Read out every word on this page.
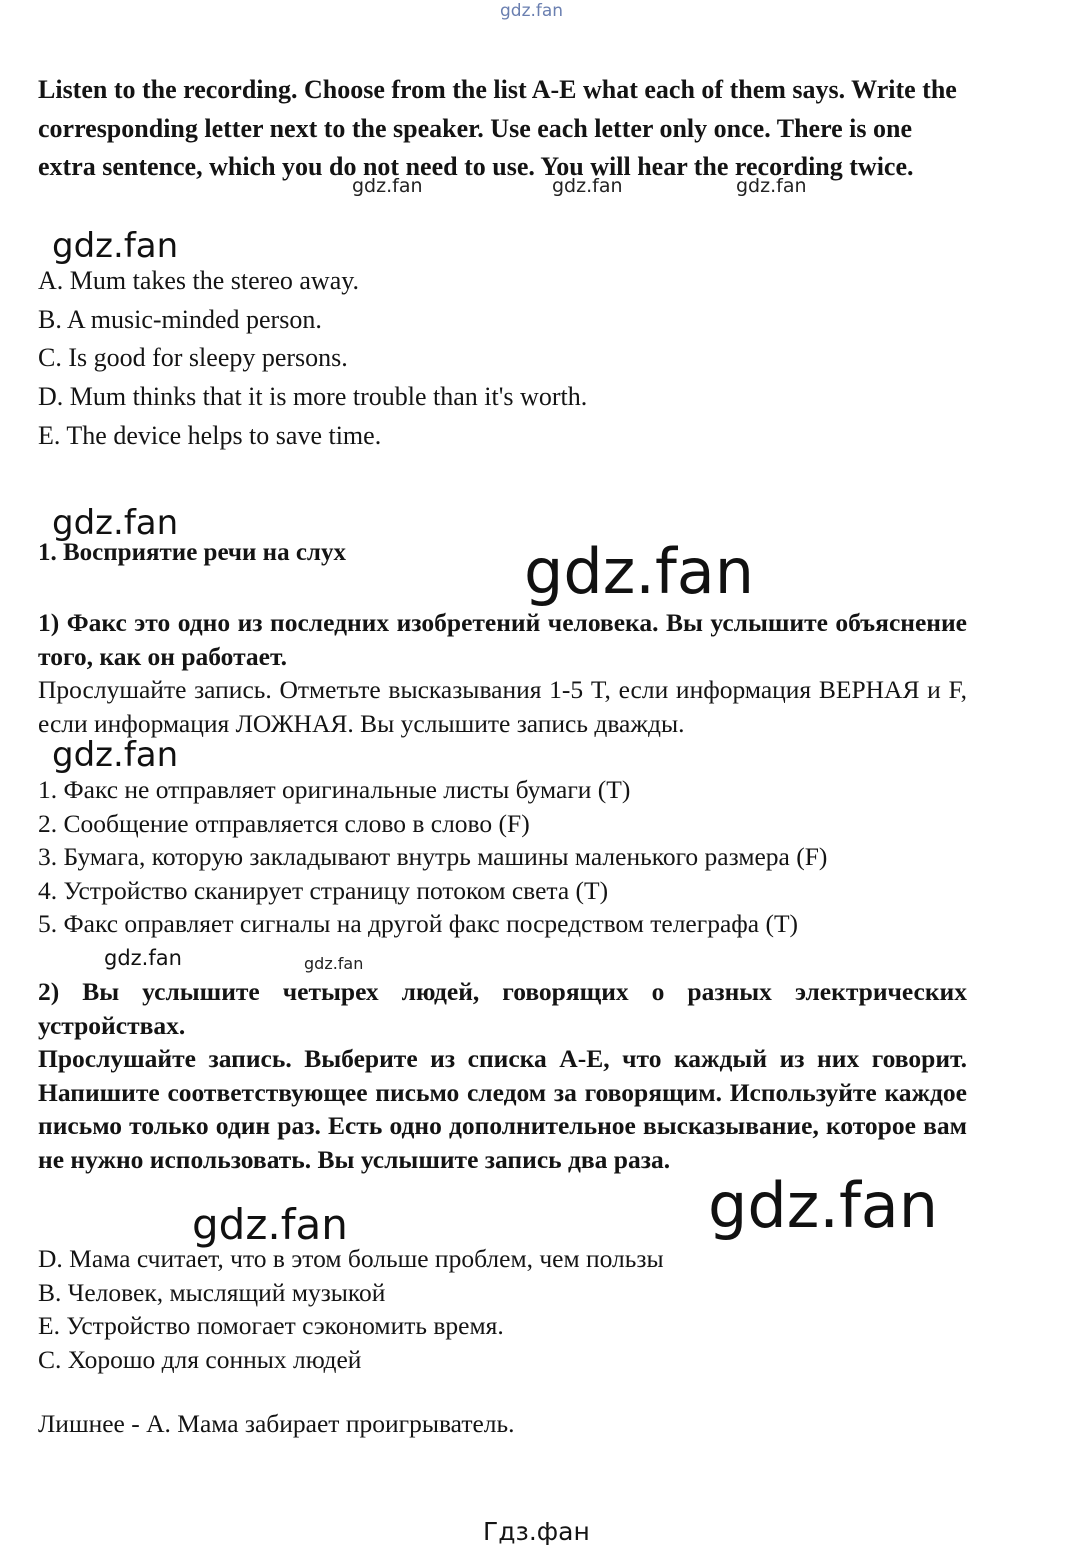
gdz.fan
gdz.fan	gdz.fan	gdz.fan
gdz.fan
gdz.fan
gdz.fan
gdz.fan
gdz.fan	gdz.fan
gdz.fan
gdz.fan

Listen to the recording. Choose from the list A-E what each of them says. Write the corresponding letter next to the speaker. Use each letter only once. There is one extra sentence, which you do not need to use. You will hear the recording twice.

A. Mum takes the stereo away.
B. A music-minded person.
C. Is good for sleepy persons.
D. Mum thinks that it is more trouble than it's worth.
E. The device helps to save time.

1. Восприятие речи на слух

1) Факс это одно из последних изобретений человека. Вы услышите объяснение того, как он работает.

Прослушайте запись. Отметьте высказывания 1-5 T, если информация ВЕРНАЯ и F, если информация ЛОЖНАЯ. Вы услышите запись дважды.

1. Факс не отправляет оригинальные листы бумаги (T)
2. Сообщение отправляется слово в слово (F)
3. Бумага, которую закладывают внутрь машины маленького размера (F)
4. Устройство сканирует страницу потоком света (T)
5. Факс оправляет сигналы на другой факс посредством телеграфа (T)

2) Вы услышите четырех людей, говорящих о разных электрических устройствах.

Прослушайте запись. Выберите из списка A-E, что каждый из них говорит. Напишите соответствующее письмо следом за говорящим. Используйте каждое письмо только один раз. Есть одно дополнительное высказывание, которое вам не нужно использовать. Вы услышите запись два раза.

D. Мама считает, что в этом больше проблем, чем пользы
B. Человек, мыслящий музыкой
E. Устройство помогает сэкономить время.
C. Хорошо для сонных людей

Лишнее - A. Мама забирает проигрыватель.

Гдз.фан
